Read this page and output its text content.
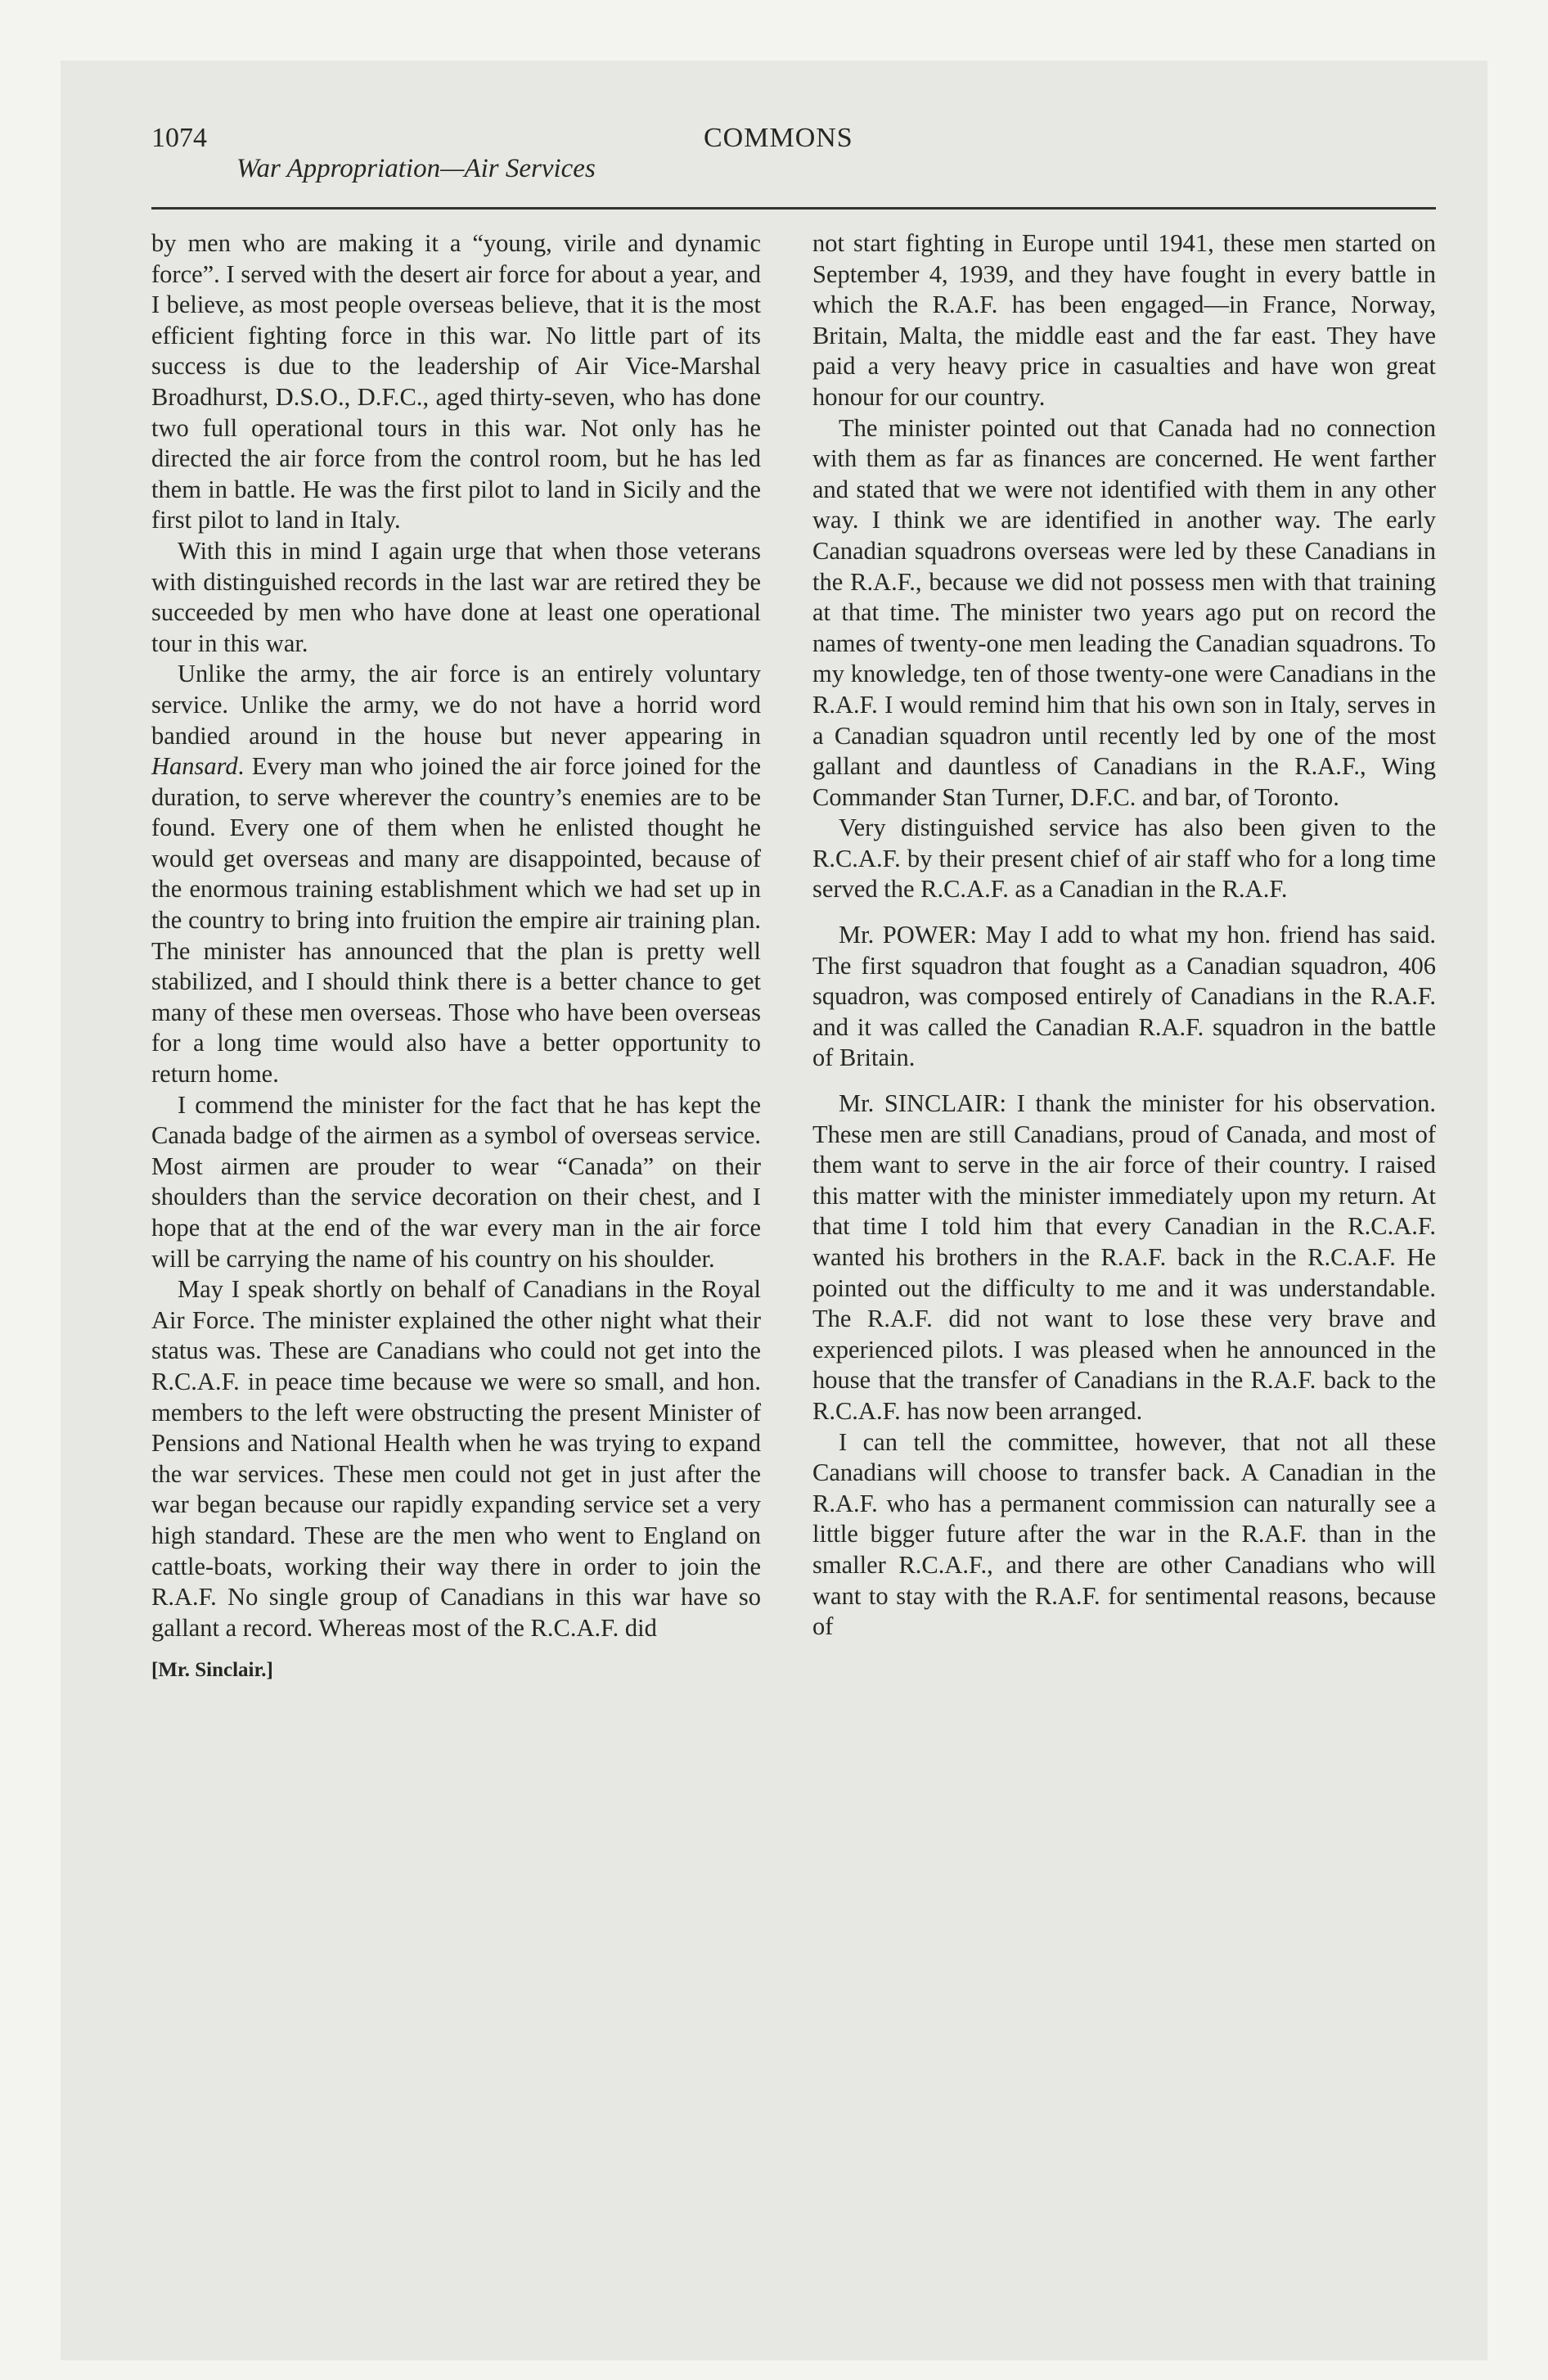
1074	COMMONS
War Appropriation—Air Services

by men who are making it a “young, virile and dynamic force”. I served with the desert air force for about a year, and I believe, as most people overseas believe, that it is the most efficient fighting force in this war. No little part of its success is due to the leadership of Air Vice-Marshal Broadhurst, D.S.O., D.F.C., aged thirty-seven, who has done two full operational tours in this war. Not only has he directed the air force from the control room, but he has led them in battle. He was the first pilot to land in Sicily and the first pilot to land in Italy.

With this in mind I again urge that when those veterans with distinguished records in the last war are retired they be succeeded by men who have done at least one operational tour in this war.

Unlike the army, the air force is an entirely voluntary service. Unlike the army, we do not have a horrid word bandied around in the house but never appearing in Hansard. Every man who joined the air force joined for the duration, to serve wherever the country’s enemies are to be found. Every one of them when he enlisted thought he would get overseas and many are disappointed, because of the enormous training establishment which we had set up in the country to bring into fruition the empire air training plan. The minister has announced that the plan is pretty well stabilized, and I should think there is a better chance to get many of these men overseas. Those who have been overseas for a long time would also have a better opportunity to return home.

I commend the minister for the fact that he has kept the Canada badge of the airmen as a symbol of overseas service. Most airmen are prouder to wear “Canada” on their shoulders than the service decoration on their chest, and I hope that at the end of the war every man in the air force will be carrying the name of his country on his shoulder.

May I speak shortly on behalf of Canadians in the Royal Air Force. The minister explained the other night what their status was. These are Canadians who could not get into the R.C.A.F. in peace time because we were so small, and hon. members to the left were obstructing the present Minister of Pensions and National Health when he was trying to expand the war services. These men could not get in just after the war began because our rapidly expanding service set a very high standard. These are the men who went to England on cattle-boats, working their way there in order to join the R.A.F. No single group of Canadians in this war have so gallant a record. Whereas most of the R.C.A.F. did

[Mr. Sinclair.]

not start fighting in Europe until 1941, these men started on September 4, 1939, and they have fought in every battle in which the R.A.F. has been engaged—in France, Norway, Britain, Malta, the middle east and the far east. They have paid a very heavy price in casualties and have won great honour for our country.

The minister pointed out that Canada had no connection with them as far as finances are concerned. He went farther and stated that we were not identified with them in any other way. I think we are identified in another way. The early Canadian squadrons overseas were led by these Canadians in the R.A.F., because we did not possess men with that training at that time. The minister two years ago put on record the names of twenty-one men leading the Canadian squadrons. To my knowledge, ten of those twenty-one were Canadians in the R.A.F. I would remind him that his own son in Italy, serves in a Canadian squadron until recently led by one of the most gallant and dauntless of Canadians in the R.A.F., Wing Commander Stan Turner, D.F.C. and bar, of Toronto.

Very distinguished service has also been given to the R.C.A.F. by their present chief of air staff who for a long time served the R.C.A.F. as a Canadian in the R.A.F.

Mr. POWER: May I add to what my hon. friend has said. The first squadron that fought as a Canadian squadron, 406 squadron, was composed entirely of Canadians in the R.A.F. and it was called the Canadian R.A.F. squadron in the battle of Britain.

Mr. SINCLAIR: I thank the minister for his observation. These men are still Canadians, proud of Canada, and most of them want to serve in the air force of their country. I raised this matter with the minister immediately upon my return. At that time I told him that every Canadian in the R.C.A.F. wanted his brothers in the R.A.F. back in the R.C.A.F. He pointed out the difficulty to me and it was understandable. The R.A.F. did not want to lose these very brave and experienced pilots. I was pleased when he announced in the house that the transfer of Canadians in the R.A.F. back to the R.C.A.F. has now been arranged.

I can tell the committee, however, that not all these Canadians will choose to transfer back. A Canadian in the R.A.F. who has a permanent commission can naturally see a little bigger future after the war in the R.A.F. than in the smaller R.C.A.F., and there are other Canadians who will want to stay with the R.A.F. for sentimental reasons, because of
